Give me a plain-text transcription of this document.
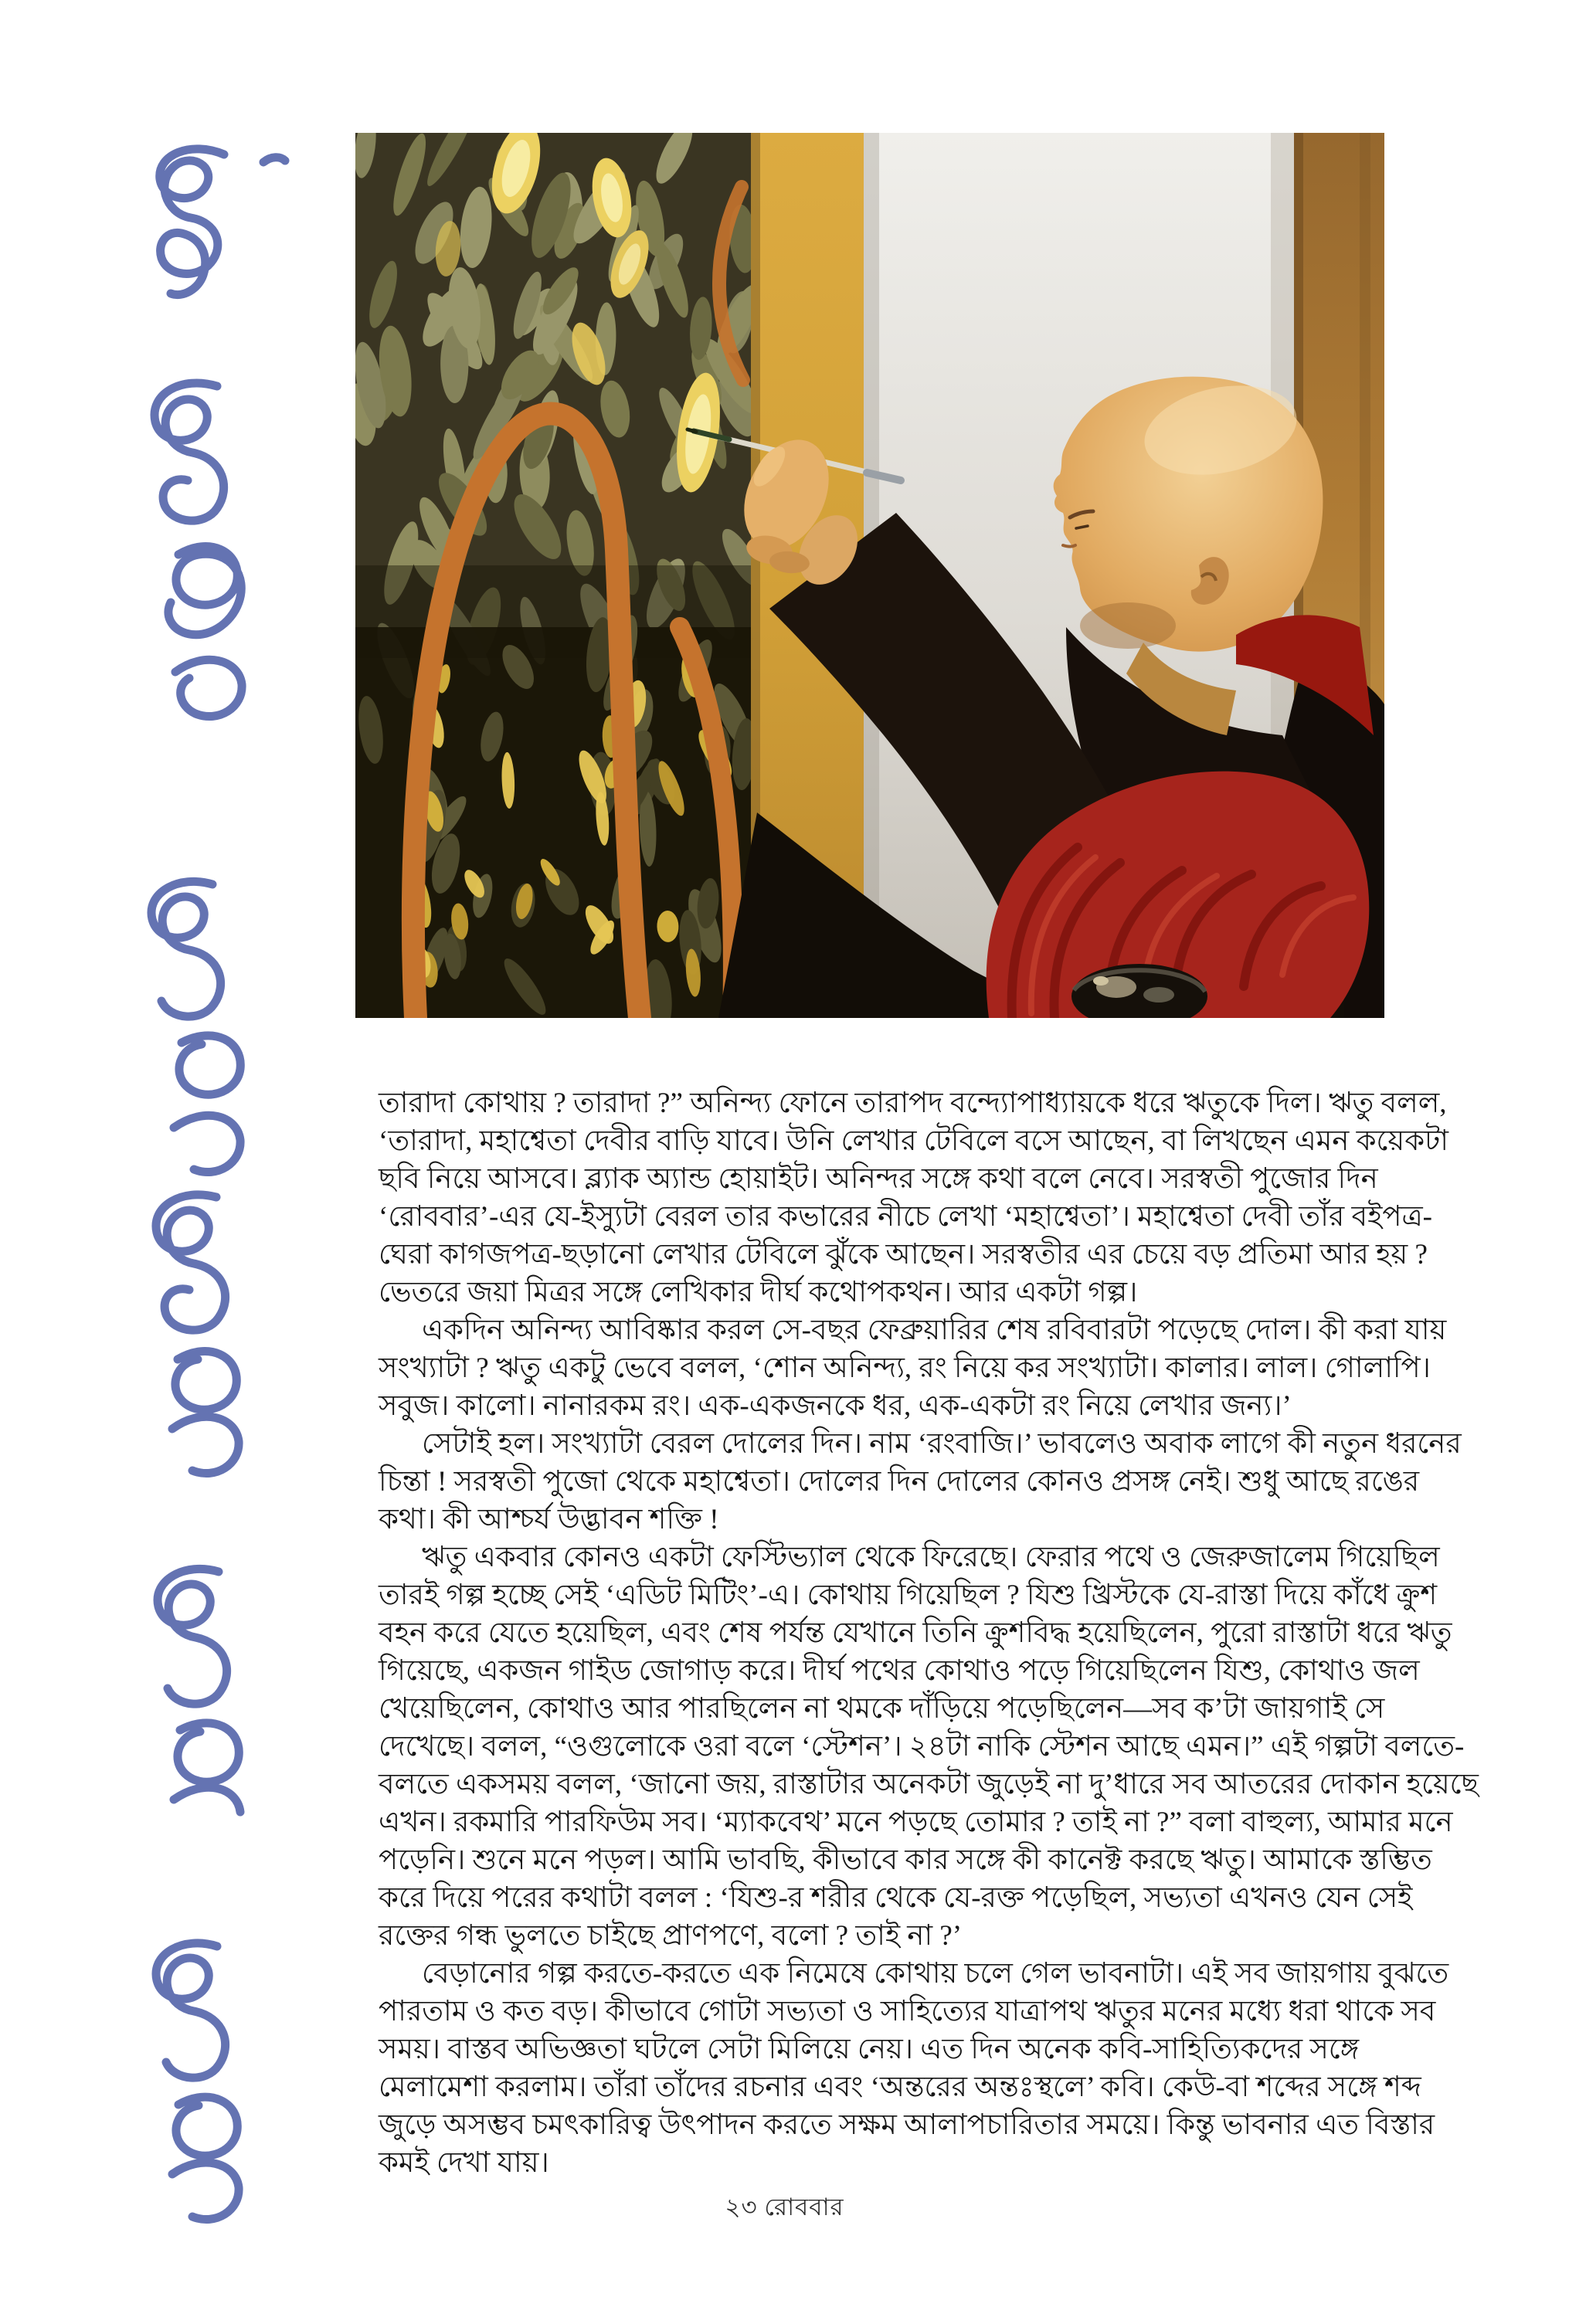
তারাদা কোথায় ? তারাদা ?” অনিন্দ্য ফোনে তারাপদ বন্দ্যোপাধ্যায়কে ধরে ঋতুকে দিল। ঋতু বলল,
‘তারাদা, মহাশ্বেতা দেবীর বাড়ি যাবে। উনি লেখার টেবিলে বসে আছেন, বা লিখছেন এমন কয়েকটা
ছবি নিয়ে আসবে। ব্ল্যাক অ্যান্ড হোয়াইট। অনিন্দর সঙ্গে কথা বলে নেবে। সরস্বতী পুজোর দিন
‘রোববার’-এর যে-ইস্যুটা বেরল তার কভারের নীচে লেখা ‘মহাশ্বেতা’। মহাশ্বেতা দেবী তাঁর বইপত্র-
ঘেরা কাগজপত্র-ছড়ানো লেখার টেবিলে ঝুঁকে আছেন। সরস্বতীর এর চেয়ে বড় প্রতিমা আর হয় ?
ভেতরে জয়া মিত্রর সঙ্গে লেখিকার দীর্ঘ কথোপকথন। আর একটা গল্প।
একদিন অনিন্দ্য আবিষ্কার করল সে-বছর ফেব্রুয়ারির শেষ রবিবারটা পড়েছে দোল। কী করা যায়
সংখ্যাটা ? ঋতু একটু ভেবে বলল, ‘শোন অনিন্দ্য, রং নিয়ে কর সংখ্যাটা। কালার। লাল। গোলাপি।
সবুজ। কালো। নানারকম রং। এক-একজনকে ধর, এক-একটা রং নিয়ে লেখার জন্য।’
সেটাই হল। সংখ্যাটা বেরল দোলের দিন। নাম ‘রংবাজি।’ ভাবলেও অবাক লাগে কী নতুন ধরনের
চিন্তা ! সরস্বতী পুজো থেকে মহাশ্বেতা। দোলের দিন দোলের কোনও প্রসঙ্গ নেই। শুধু আছে রঙের
কথা। কী আশ্চর্য উদ্ভাবন শক্তি !
ঋতু একবার কোনও একটা ফেস্টিভ্যাল থেকে ফিরেছে। ফেরার পথে ও জেরুজালেম গিয়েছিল
তারই গল্প হচ্ছে সেই ‘এডিট মিটিং’-এ। কোথায় গিয়েছিল ? যিশু খ্রিস্টকে যে-রাস্তা দিয়ে কাঁধে ক্রুশ
বহন করে যেতে হয়েছিল, এবং শেষ পর্যন্ত যেখানে তিনি ক্রুশবিদ্ধ হয়েছিলেন, পুরো রাস্তাটা ধরে ঋতু
গিয়েছে, একজন গাইড জোগাড় করে। দীর্ঘ পথের কোথাও পড়ে গিয়েছিলেন যিশু, কোথাও জল
খেয়েছিলেন, কোথাও আর পারছিলেন না থমকে দাঁড়িয়ে পড়েছিলেন—সব ক’টা জায়গাই সে
দেখেছে। বলল, “ওগুলোকে ওরা বলে ‘স্টেশন’। ২৪টা নাকি স্টেশন আছে এমন।” এই গল্পটা বলতে-
বলতে একসময় বলল, ‘জানো জয়, রাস্তাটার অনেকটা জুড়েই না দু’ধারে সব আতরের দোকান হয়েছে
এখন। রকমারি পারফিউম সব। ‘ম্যাকবেথ’ মনে পড়ছে তোমার ? তাই না ?” বলা বাহুল্য, আমার মনে
পড়েনি। শুনে মনে পড়ল। আমি ভাবছি, কীভাবে কার সঙ্গে কী কানেক্ট করছে ঋতু। আমাকে স্তম্ভিত
করে দিয়ে পরের কথাটা বলল : ‘যিশু-র শরীর থেকে যে-রক্ত পড়েছিল, সভ্যতা এখনও যেন সেই
রক্তের গন্ধ ভুলতে চাইছে প্রাণপণে, বলো ? তাই না ?’
বেড়ানোর গল্প করতে-করতে এক নিমেষে কোথায় চলে গেল ভাবনাটা। এই সব জায়গায় বুঝতে
পারতাম ও কত বড়। কীভাবে গোটা সভ্যতা ও সাহিত্যের যাত্রাপথ ঋতুর মনের মধ্যে ধরা থাকে সব
সময়। বাস্তব অভিজ্ঞতা ঘটলে সেটা মিলিয়ে নেয়। এত দিন অনেক কবি-সাহিত্যিকদের সঙ্গে
মেলামেশা করলাম। তাঁরা তাঁদের রচনার এবং ‘অন্তরের অন্তঃস্থলে’ কবি। কেউ-বা শব্দের সঙ্গে শব্দ
জুড়ে অসম্ভব চমৎকারিত্ব উৎপাদন করতে সক্ষম আলাপচারিতার সময়ে। কিন্তু ভাবনার এত বিস্তার
কমই দেখা যায়।
২৩ রোববার
